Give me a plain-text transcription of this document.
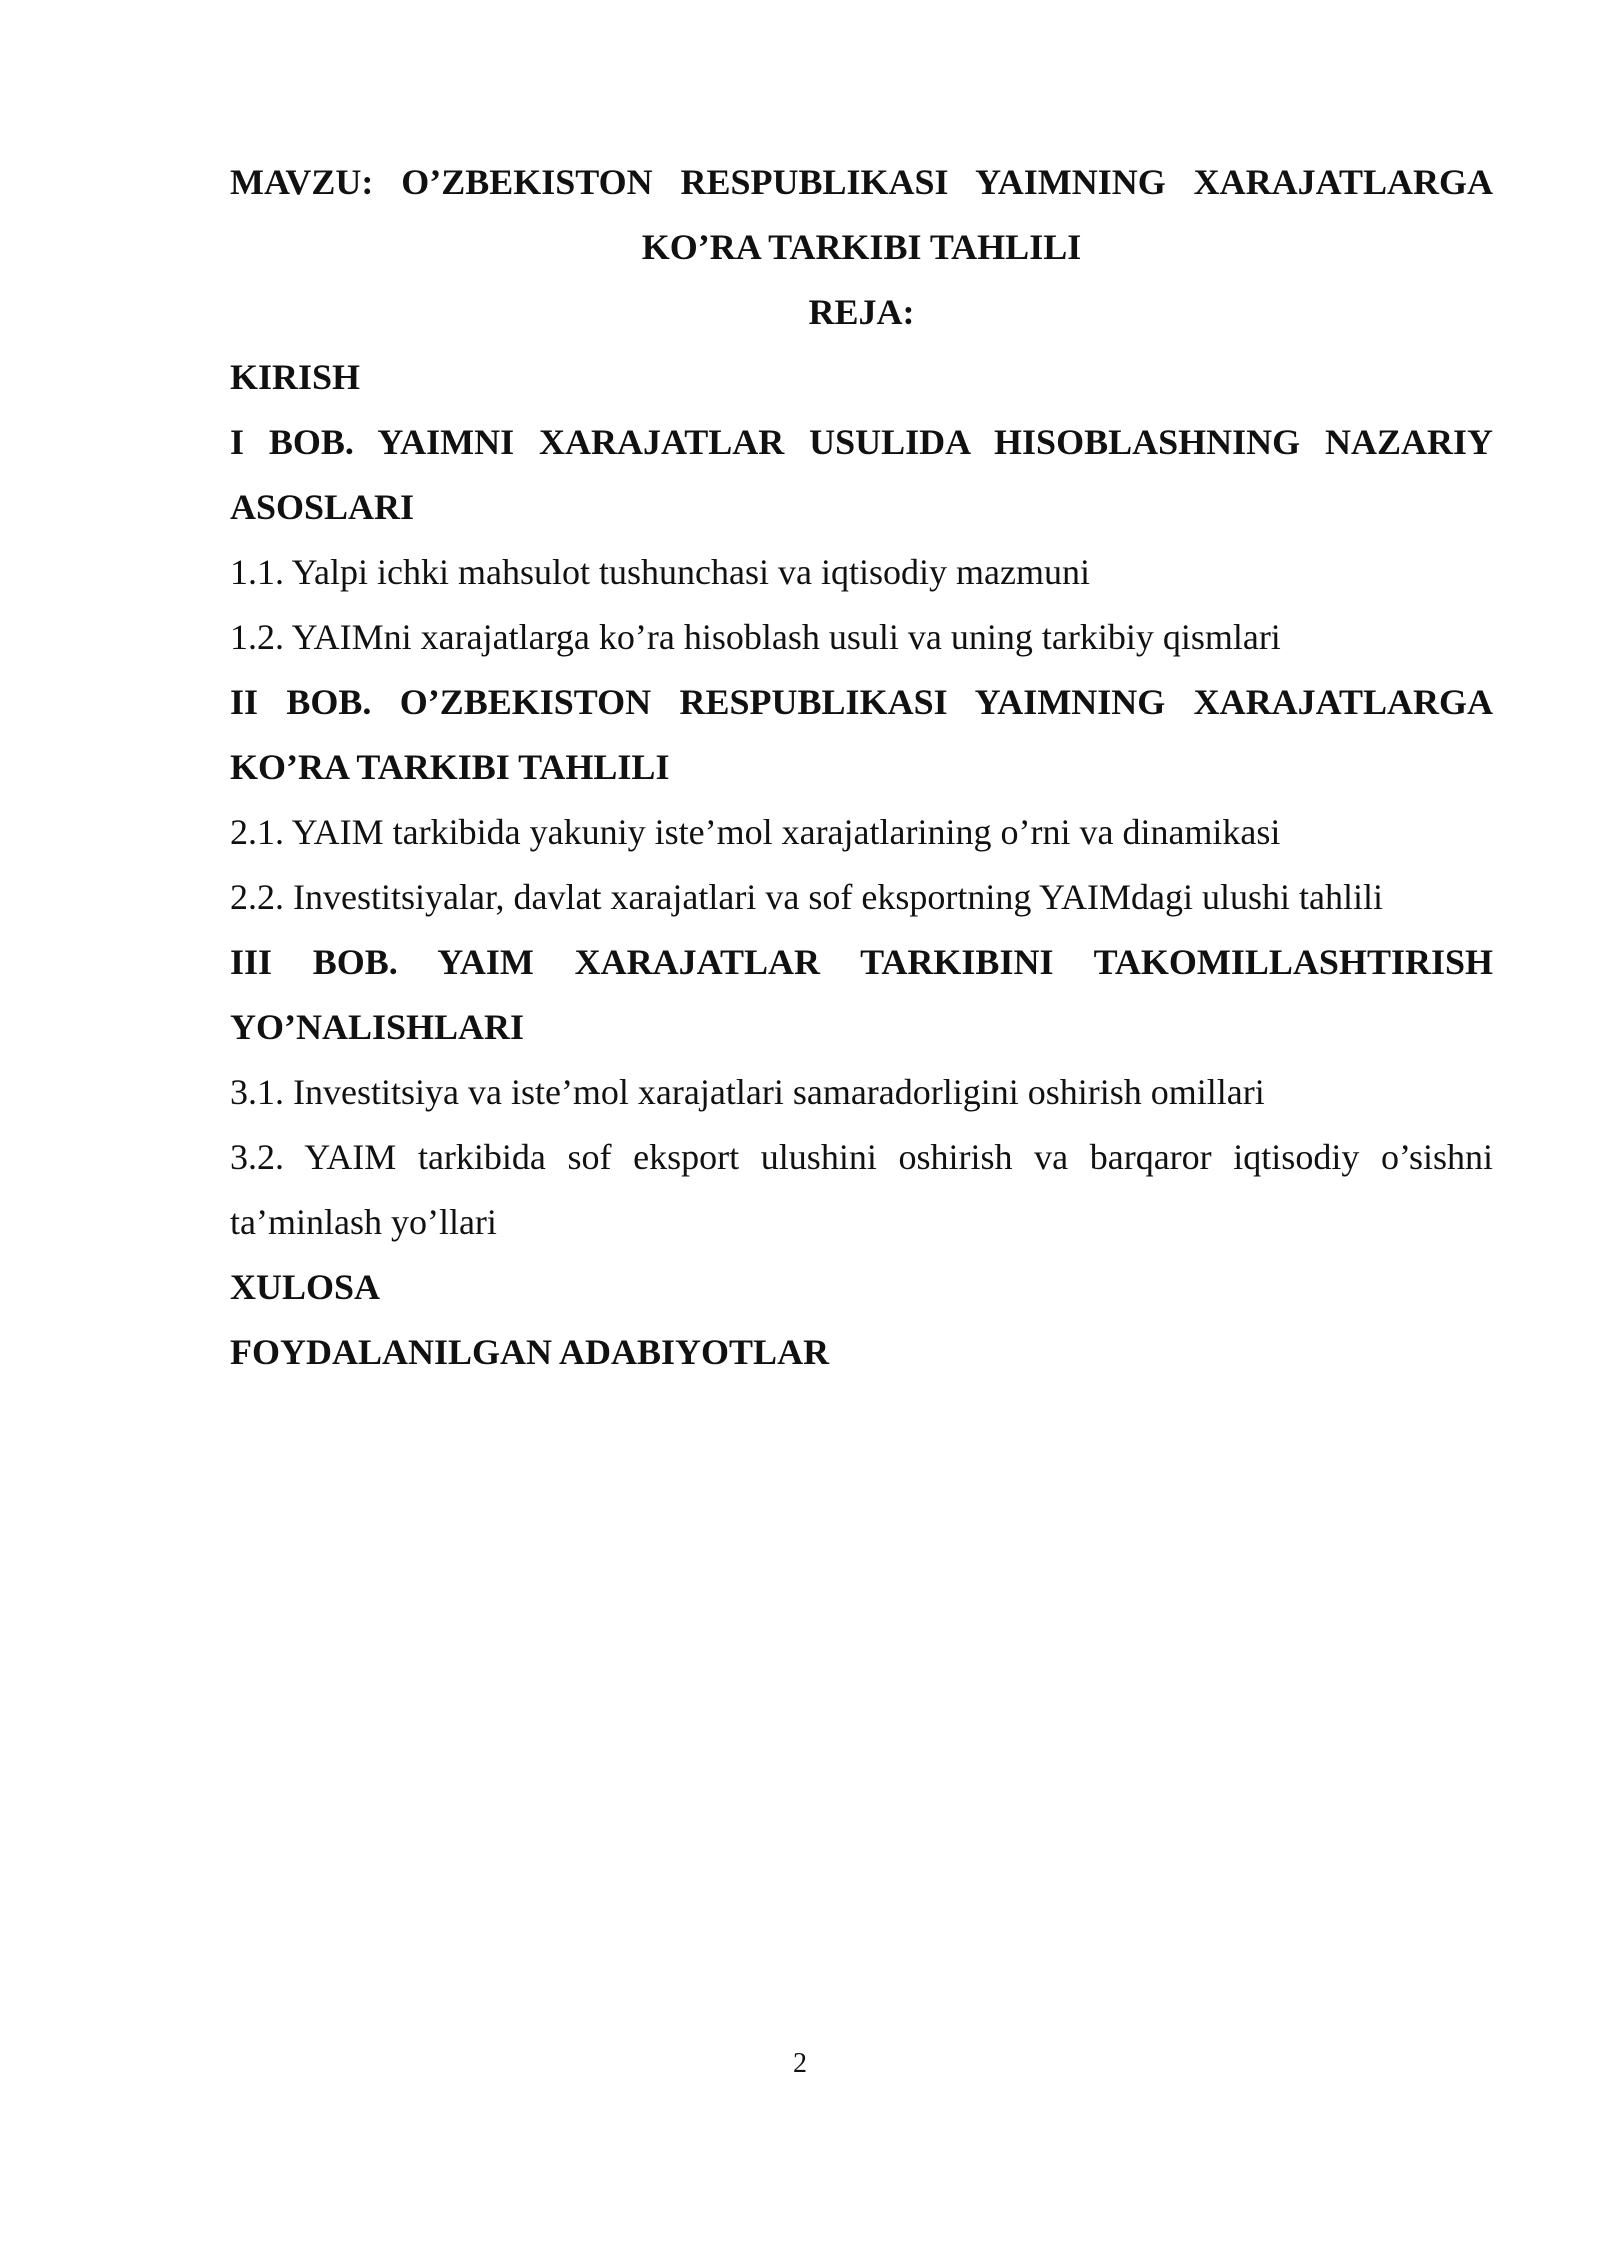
MAVZU: O’ZBEKISTON RESPUBLIKASI YAIMNING XARAJATLARGA
KO’RA TARKIBI TAHLILI
REJA:
KIRISH
I BOB. YAIMNI XARAJATLAR USULIDA HISOBLASHNING NAZARIY
ASOSLARI
1.1. Yalpi ichki mahsulot tushunchasi va iqtisodiy mazmuni
1.2. YAIMni xarajatlarga ko’ra hisoblash usuli va uning tarkibiy qismlari
II BOB. O’ZBEKISTON RESPUBLIKASI YAIMNING XARAJATLARGA
KO’RA TARKIBI TAHLILI
2.1. YAIM tarkibida yakuniy iste’mol xarajatlarining o’rni va dinamikasi
2.2. Investitsiyalar, davlat xarajatlari va sof eksportning YAIMdagi ulushi tahlili
III BOB. YAIM XARAJATLAR TARKIBINI TAKOMILLASHTIRISH
YO’NALISHLARI
3.1. Investitsiya va iste’mol xarajatlari samaradorligini oshirish omillari
3.2. YAIM tarkibida sof eksport ulushini oshirish va barqaror iqtisodiy o’sishni
ta’minlash yo’llari
XULOSA
FOYDALANILGAN ADABIYOTLAR
2
